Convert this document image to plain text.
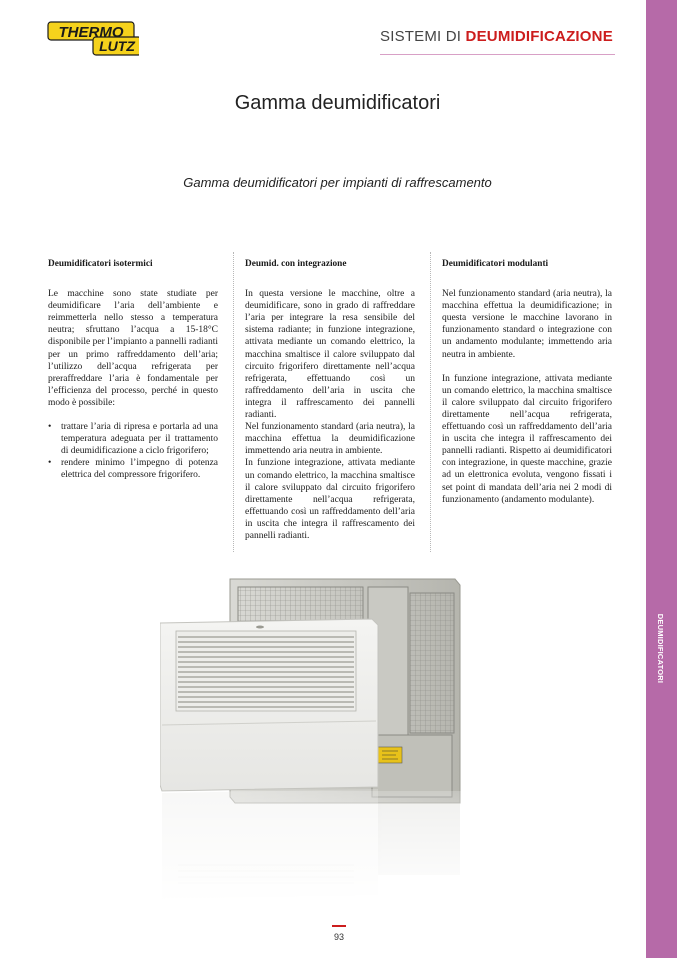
DEUMIDIFICATORI
THERMO
LUTZ
SISTEMI DI DEUMIDIFICAZIONE
Gamma deumidificatori
Gamma deumidificatori per impianti di raffrescamento
Deumidificatori isotermici

Le macchine sono state studiate per deumidificare l’aria dell’ambiente e reimmetterla nello stesso a temperatura neutra; sfruttano l’acqua a 15-18°C disponibile per l’impianto a pannelli radianti per un primo raffreddamento dell’aria; l’utilizzo dell’acqua refrigerata per preraffreddare l’aria è fondamentale per l’efficienza del processo, perché in questo modo è possibile:

•	trattare l’aria di ripresa e portarla ad una temperatura adeguata per il trattamento di deumidificazione a ciclo frigorifero;
•	rendere minimo l’impegno di potenza elettrica del compressore frigorifero.
Deumid. con integrazione

In questa versione le macchine, oltre a deumidificare, sono in grado di raffreddare l’aria per integrare la resa sensibile del sistema radiante; in funzione integrazione, attivata mediante un comando elettrico, la macchina smaltisce il calore sviluppato dal circuito frigorifero direttamente nell’acqua refrigerata, effettuando così un raffreddamento dell’aria in uscita che integra il raffrescamento dei pannelli radianti.

Nel funzionamento standard (aria neutra), la macchina effettua la deumidificazione immettendo aria neutra in ambiente.

In funzione integrazione, attivata mediante un comando elettrico, la macchina smaltisce il calore sviluppato dal circuito frigorifero direttamente nell’acqua refrigerata, effettuando così un raffreddamento dell’aria in uscita che integra il raffrescamento dei pannelli radianti.

Deumidificatori modulanti

Nel funzionamento standard (aria neutra), la macchina effettua la deumidificazione; in questa versione le macchine lavorano in funzionamento standard o integrazione con un andamento modulante; immettendo aria neutra in ambiente.

In funzione integrazione, attivata mediante un comando elettrico, la macchina smaltisce il calore sviluppato dal circuito frigorifero direttamente nell’acqua refrigerata, effettuando così un raffreddamento dell’aria in uscita che integra il raffrescamento dei pannelli radianti. Rispetto ai deumidificatori con integrazione, in queste macchine, grazie ad un elettronica evoluta, vengono fissati i set point di mandata dell’aria nei 2 modi di funzionamento (andamento modulante).

93
